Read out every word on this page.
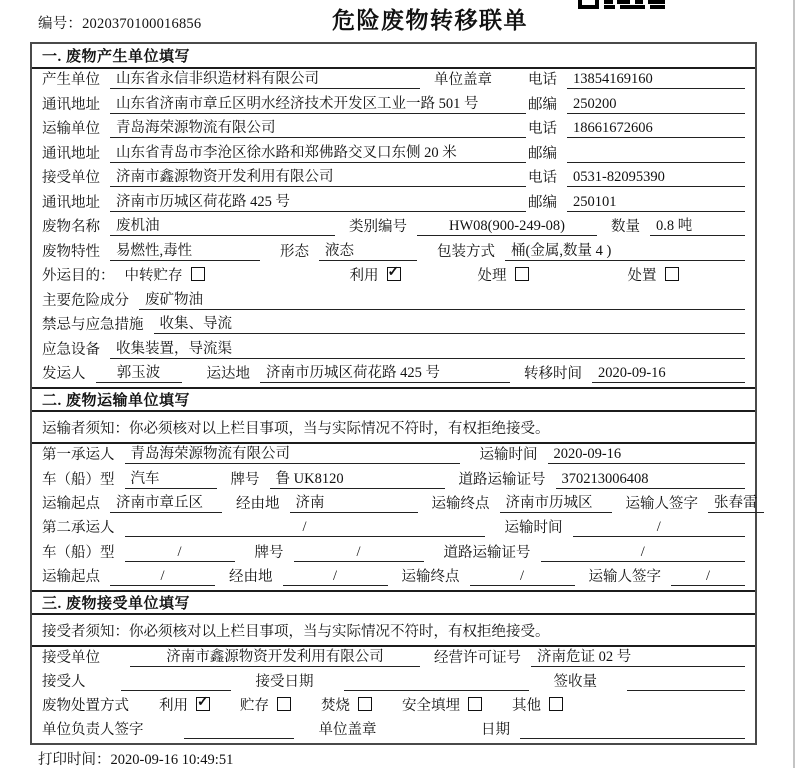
编号：2020370100016856	危险废物转移联单
一. 废物产生单位填写
产生单位	山东省永信非织造材料有限公司	单位盖章 电话	13854169160
通讯地址	山东省济南市章丘区明水经济技术开发区工业一路 501 号	邮编	250200
运输单位	青岛海荣源物流有限公司	电话	18661672606
通讯地址	山东省青岛市李沧区徐水路和郑佛路交叉口东侧 20 米	邮编
接受单位	济南市鑫源物资开发利用有限公司	电话	0531-82095390
通讯地址	济南市历城区荷花路 425 号	邮编	250101
废物名称	废机油	类别编号	HW08(900-249-08)	数量	0.8 吨
废物特性	易燃性,毒性	形态	液态	包装方式	桶(金属,数量 4 )
外运目的： 中转贮存	利用 ✓	处理	处置
主要危险成分	废矿物油
禁忌与应急措施	收集、导流
应急设备	收集装置，导流渠
发运人	郭玉波	运达地	济南市历城区荷花路 425 号	转移时间	2020-09-16
二. 废物运输单位填写
运输者须知：你必须核对以上栏目事项，当与实际情况不符时，有权拒绝接受。
第一承运人	青岛海荣源物流有限公司	运输时间	2020-09-16
车（船）型	汽车	牌号	鲁 UK8120	道路运输证号	370213006408
运输起点	济南市章丘区	经由地	济南	运输终点	济南市历城区	运输人签字	张春雷
第二承运人	/	运输时间	/
车（船）型	/	牌号	/	道路运输证号	/
运输起点	/	经由地	/	运输终点	/	运输人签字	/
三. 废物接受单位填写
接受者须知：你必须核对以上栏目事项，当与实际情况不符时，有权拒绝接受。
接受单位	济南市鑫源物资开发利用有限公司	经营许可证号	济南危证 02 号
接受人	接受日期	签收量
废物处置方式 利用 ✓	贮存	焚烧	安全填埋	其他
单位负责人签字	单位盖章	日期
打印时间：2020-09-16 10:49:51
